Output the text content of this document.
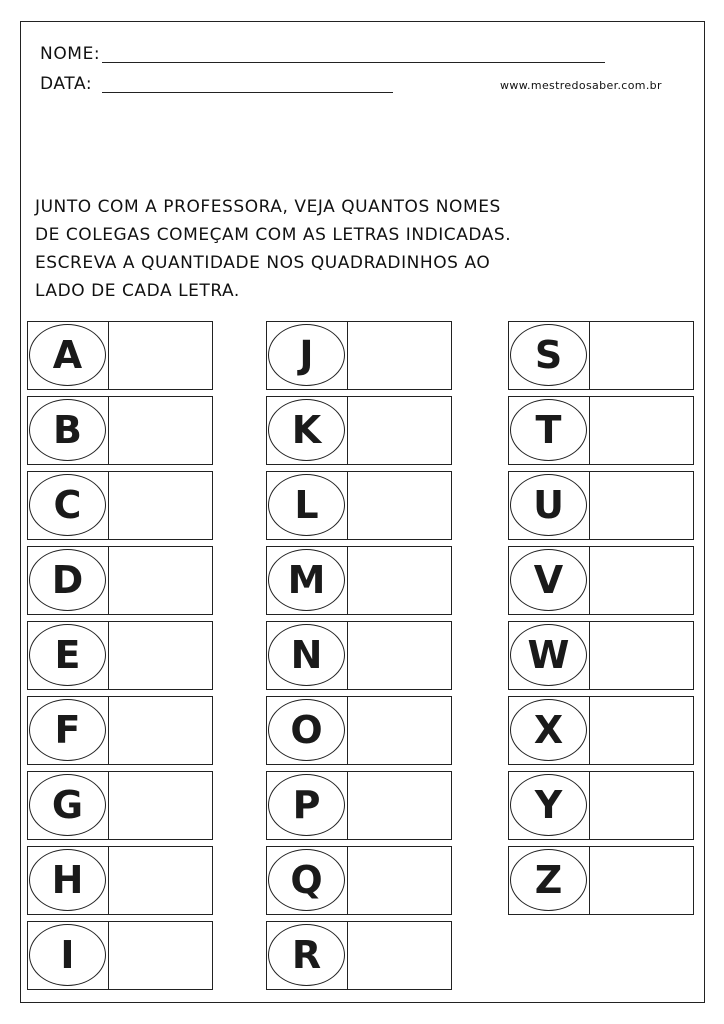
NOME:
DATA:	www.mestredosaber.com.br
JUNTO COM A PROFESSORA, VEJA QUANTOS NOMES
DE COLEGAS COMEÇAM COM AS LETRAS INDICADAS.
ESCREVA A QUANTIDADE NOS QUADRADINHOS AO
LADO DE CADA LETRA.
A
B
C
D
E
F
G
H
I
J
K
L
M
N
O
P
Q
R
S
T
U
V
W
X
Y
Z
